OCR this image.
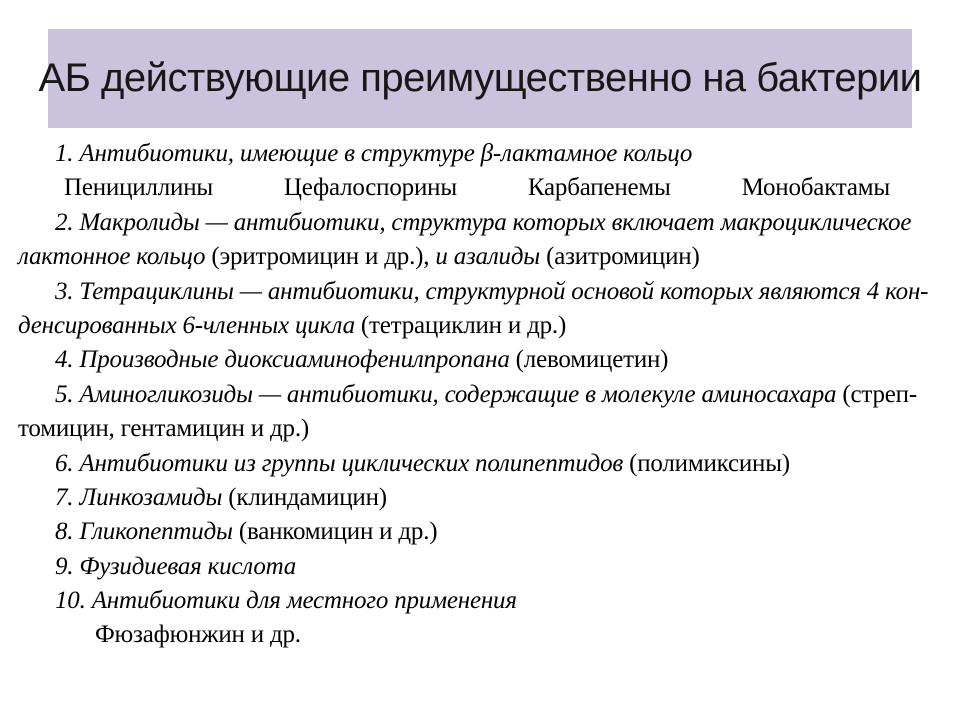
АБ действующие преимущественно на бактерии
1. Антибиотики, имеющие в структуре β-лактамное кольцо
Пенициллины	Цефалоспорины	Карбапенемы	Монобактамы
2. Макролиды — антибиотики, структура которых включает макроциклическое
лактонное кольцо (эритромицин и др.), и азалиды (азитромицин)
3. Тетрациклины — антибиотики, структурной основой которых являются 4 кон-
денсированных 6-членных цикла (тетрациклин и др.)
4. Производные диоксиаминофенилпропана (левомицетин)
5. Аминогликозиды — антибиотики, содержащие в молекуле аминосахара (стреп-
томицин, гентамицин и др.)
6. Антибиотики из группы циклических полипептидов (полимиксины)
7. Линкозамиды (клиндамицин)
8. Гликопептиды (ванкомицин и др.)
9. Фузидиевая кислота
10. Антибиотики для местного применения
Фюзафюнжин и др.
